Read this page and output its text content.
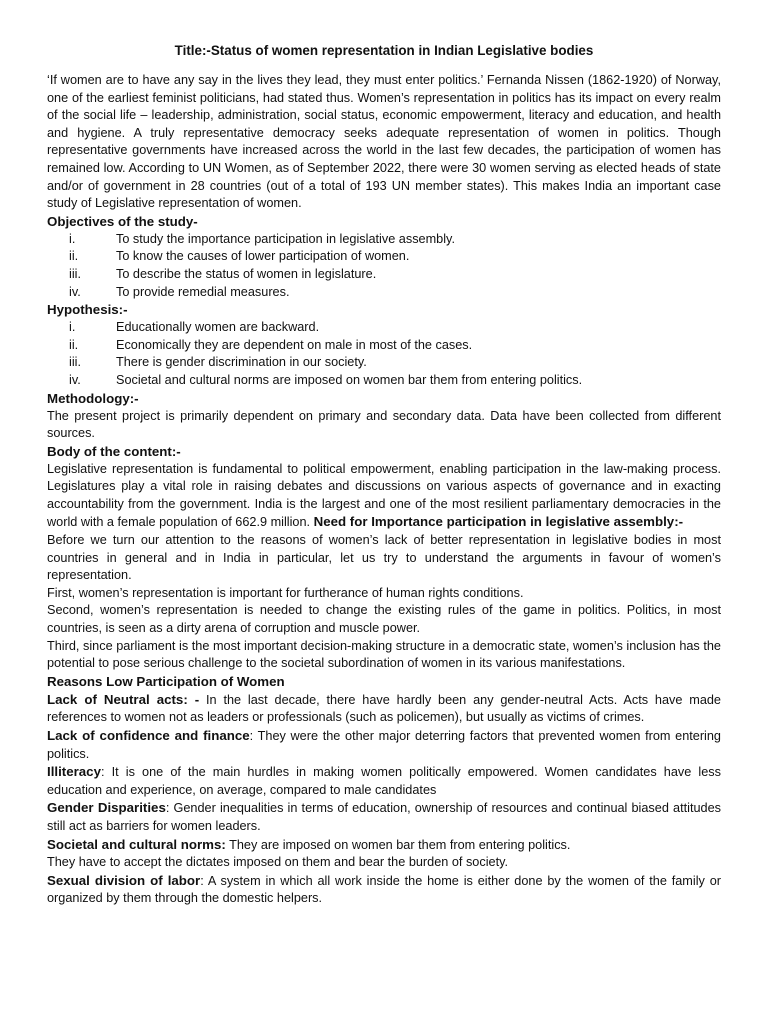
Title:-Status of women representation in Indian Legislative bodies

‘If women are to have any say in the lives they lead, they must enter politics.’ Fernanda Nissen (1862-1920) of Norway, one of the earliest feminist politicians, had stated thus. Women’s representation in politics has its impact on every realm of the social life – leadership, administration, social status, economic empowerment, literacy and education, and health and hygiene. A truly representative democracy seeks adequate representation of women in politics. Though representative governments have increased across the world in the last few decades, the participation of women has remained low. According to UN Women, as of September 2022, there were 30 women serving as elected heads of state and/or of government in 28 countries (out of a total of 193 UN member states). This makes India an important case study of Legislative representation of women.

Objectives of the study-
i.	To study the importance participation in legislative assembly.
ii.	To know the causes of lower participation of women.
iii.	To describe the status of women in legislature.
iv.	To provide remedial measures.
Hypothesis:-
i.	Educationally women are backward.
ii.	Economically they are dependent on male in most of the cases.
iii.	There is gender discrimination in our society.
iv.	Societal and cultural norms are imposed on women bar them from entering politics.
Methodology:-

The present project is primarily dependent on primary and secondary data. Data have been collected from different sources.

Body of the content:-

Legislative representation is fundamental to political empowerment, enabling participation in the law-making process. Legislatures play a vital role in raising debates and discussions on various aspects of governance and in exacting accountability from the government. India is the largest and one of the most resilient parliamentary democracies in the world with a female population of 662.9 million. Need for Importance participation in legislative assembly:-

Before we turn our attention to the reasons of women’s lack of better representation in legislative bodies in most countries in general and in India in particular, let us try to understand the arguments in favour of women’s representation.

First, women’s representation is important for furtherance of human rights conditions.

Second, women’s representation is needed to change the existing rules of the game in politics. Politics, in most countries, is seen as a dirty arena of corruption and muscle power.

Third, since parliament is the most important decision-making structure in a democratic state, women’s inclusion has the potential to pose serious challenge to the societal subordination of women in its various manifestations.

Reasons Low Participation of Women

Lack of Neutral acts: - In the last decade, there have hardly been any gender-neutral Acts. Acts have made references to women not as leaders or professionals (such as policemen), but usually as victims of crimes.

Lack of confidence and finance: They were the other major deterring factors that prevented women from entering politics.

Illiteracy: It is one of the main hurdles in making women politically empowered. Women candidates have less education and experience, on average, compared to male candidates

Gender Disparities: Gender inequalities in terms of education, ownership of resources and continual biased attitudes still act as barriers for women leaders.

Societal and cultural norms: They are imposed on women bar them from entering politics.

They have to accept the dictates imposed on them and bear the burden of society.

Sexual division of labor: A system in which all work inside the home is either done by the women of the family or organized by them through the domestic helpers.
